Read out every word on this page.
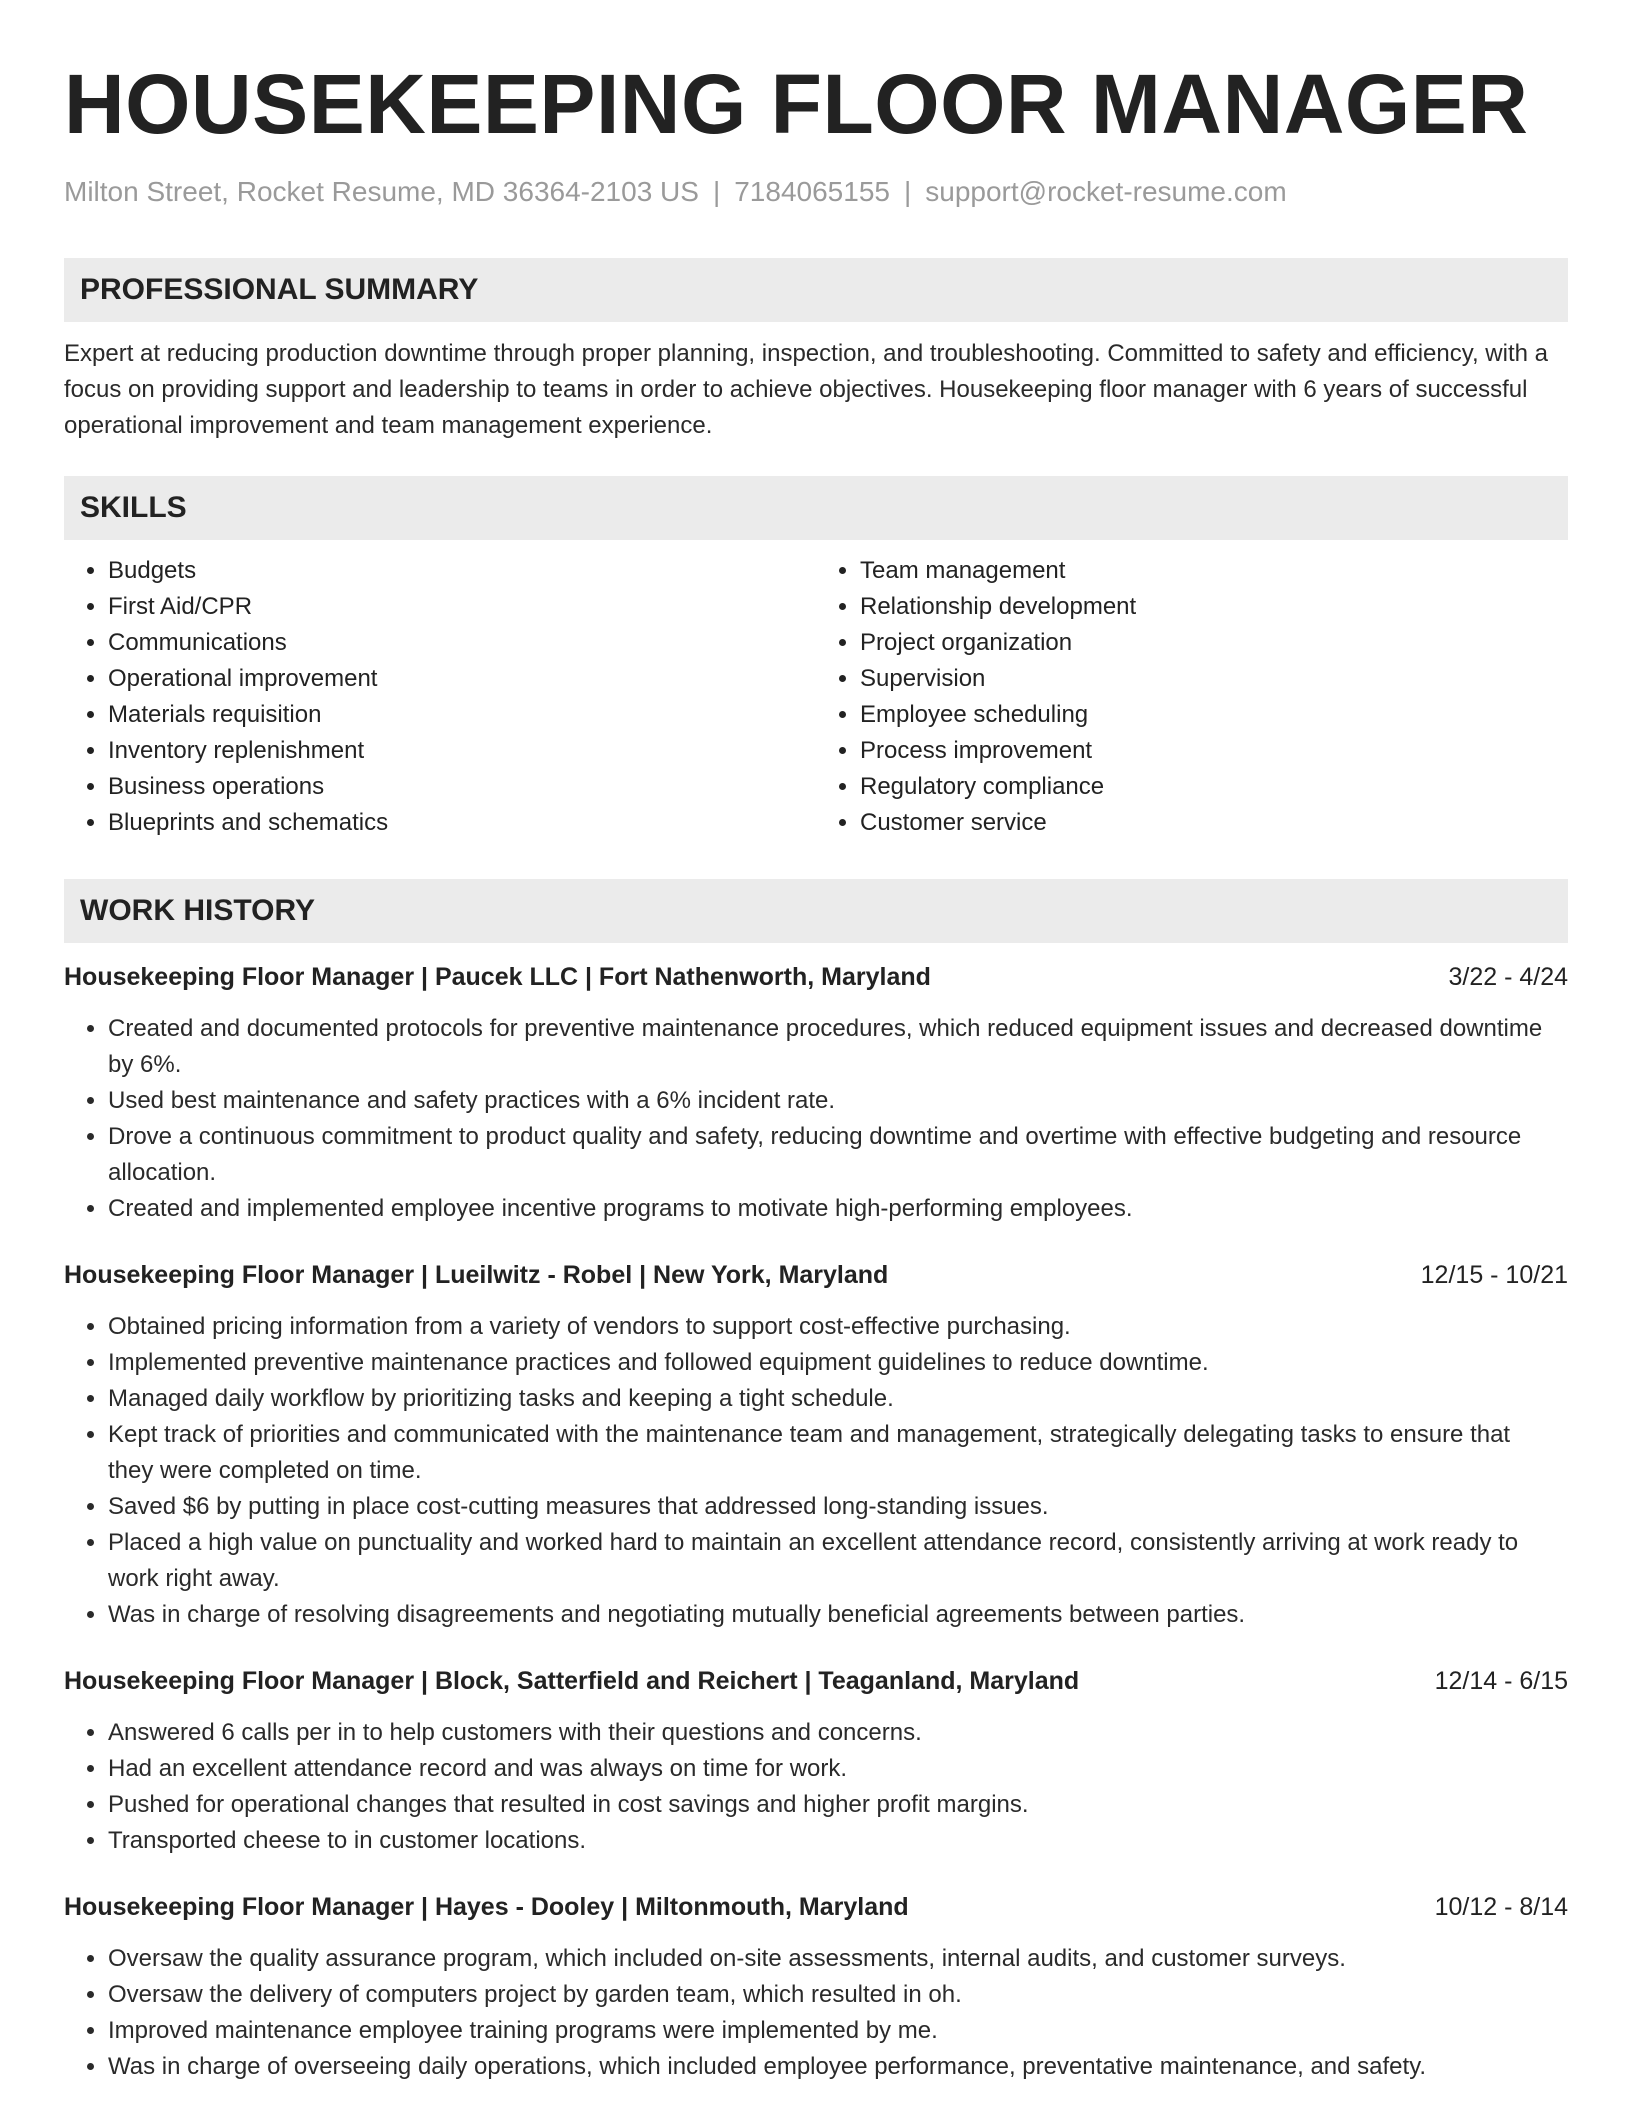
HOUSEKEEPING FLOOR MANAGER
Milton Street, Rocket Resume, MD 36364-2103 US | 7184065155 | support@rocket-resume.com
PROFESSIONAL SUMMARY

Expert at reducing production downtime through proper planning, inspection, and troubleshooting. Committed to safety and efficiency, with a focus on providing support and leadership to teams in order to achieve objectives. Housekeeping floor manager with 6 years of successful operational improvement and team management experience.

SKILLS
• Budgets
• First Aid/CPR
• Communications
• Operational improvement
• Materials requisition
• Inventory replenishment
• Business operations
• Blueprints and schematics
• Team management
• Relationship development
• Project organization
• Supervision
• Employee scheduling
• Process improvement
• Regulatory compliance
• Customer service
WORK HISTORY
Housekeeping Floor Manager | Paucek LLC | Fort Nathenworth, Maryland	3/22 - 4/24
• Created and documented protocols for preventive maintenance procedures, which reduced equipment issues and decreased downtime by 6%.
• Used best maintenance and safety practices with a 6% incident rate.
• Drove a continuous commitment to product quality and safety, reducing downtime and overtime with effective budgeting and resource allocation.
• Created and implemented employee incentive programs to motivate high-performing employees.
Housekeeping Floor Manager | Lueilwitz - Robel | New York, Maryland	12/15 - 10/21
• Obtained pricing information from a variety of vendors to support cost-effective purchasing.
• Implemented preventive maintenance practices and followed equipment guidelines to reduce downtime.
• Managed daily workflow by prioritizing tasks and keeping a tight schedule.
• Kept track of priorities and communicated with the maintenance team and management, strategically delegating tasks to ensure that they were completed on time.
• Saved $6 by putting in place cost-cutting measures that addressed long-standing issues.
• Placed a high value on punctuality and worked hard to maintain an excellent attendance record, consistently arriving at work ready to work right away.
• Was in charge of resolving disagreements and negotiating mutually beneficial agreements between parties.
Housekeeping Floor Manager | Block, Satterfield and Reichert | Teaganland, Maryland	12/14 - 6/15
• Answered 6 calls per in to help customers with their questions and concerns.
• Had an excellent attendance record and was always on time for work.
• Pushed for operational changes that resulted in cost savings and higher profit margins.
• Transported cheese to in customer locations.
Housekeeping Floor Manager | Hayes - Dooley | Miltonmouth, Maryland	10/12 - 8/14
• Oversaw the quality assurance program, which included on-site assessments, internal audits, and customer surveys.
• Oversaw the delivery of computers project by garden team, which resulted in oh.
• Improved maintenance employee training programs were implemented by me.
• Was in charge of overseeing daily operations, which included employee performance, preventative maintenance, and safety.
